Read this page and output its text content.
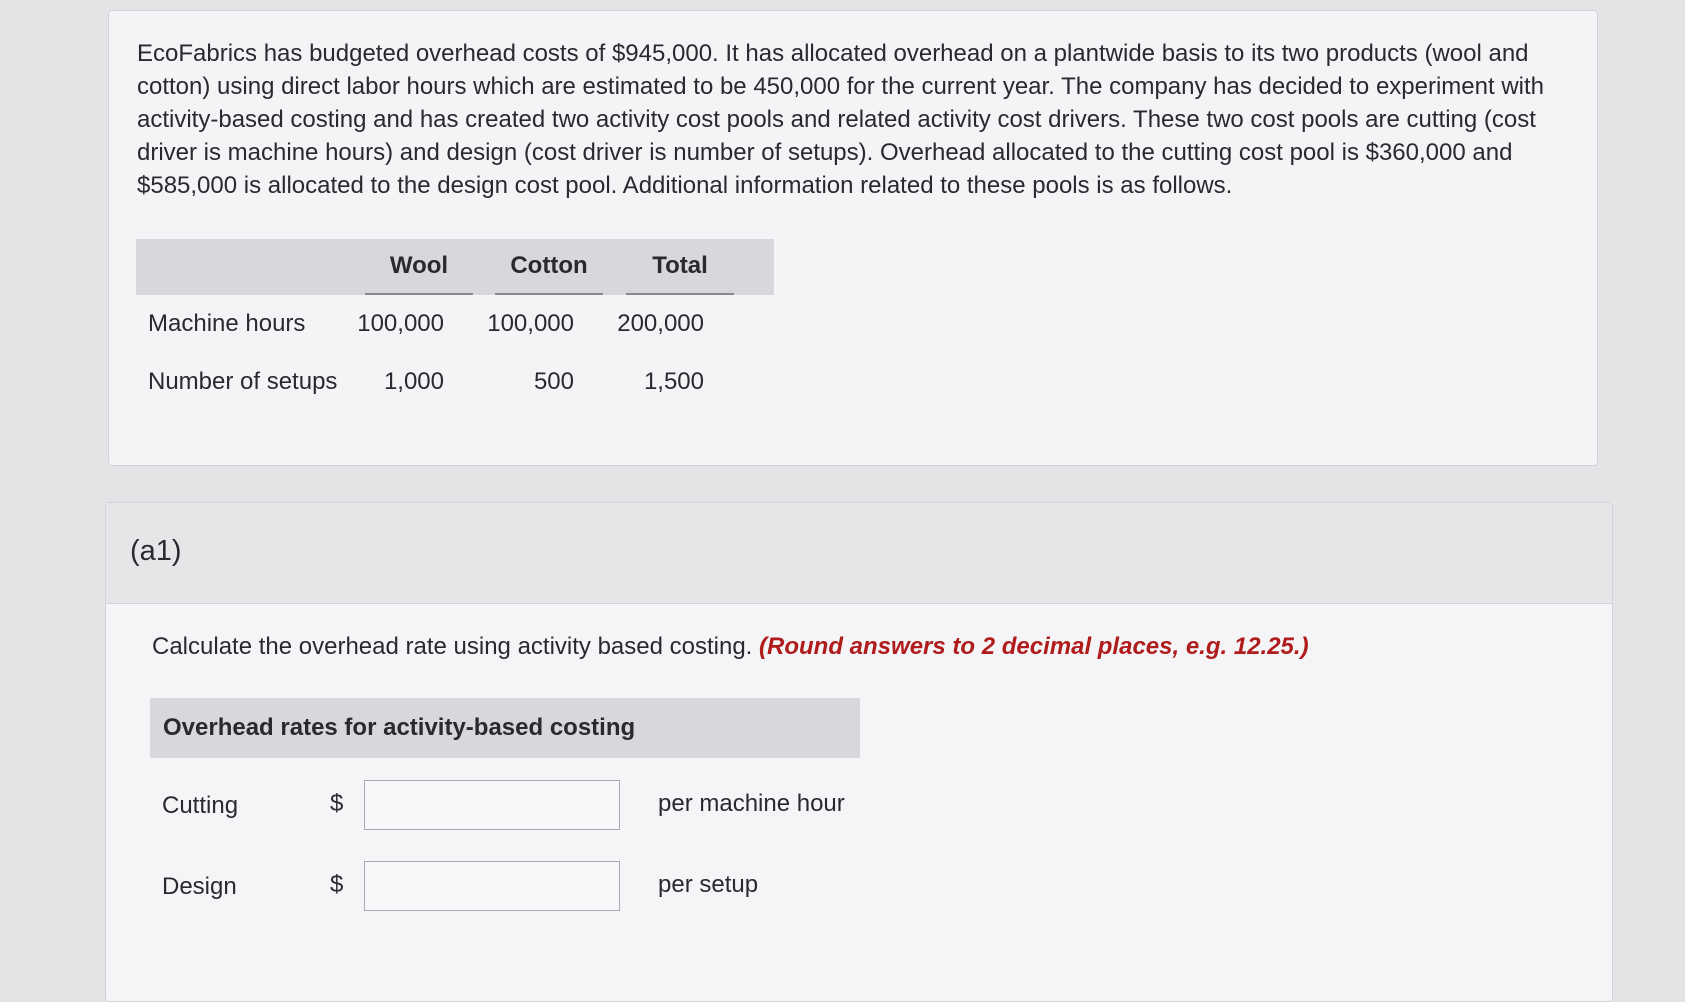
EcoFabrics has budgeted overhead costs of $945,000. It has allocated overhead on a plantwide basis to its two products (wool and cotton) using direct labor hours which are estimated to be 450,000 for the current year. The company has decided to experiment with activity-based costing and has created two activity cost pools and related activity cost drivers. These two cost pools are cutting (cost driver is machine hours) and design (cost driver is number of setups). Overhead allocated to the cutting cost pool is $360,000 and $585,000 is allocated to the design cost pool. Additional information related to these pools is as follows.

Wool	Cotton	Total
Machine hours 100,000 100,000 200,000
Number of setups 1,000	500	1,500
(a1)
Calculate the overhead rate using activity based costing. (Round answers to 2 decimal places, e.g. 12.25.)
Overhead rates for activity-based costing
Cutting	$	per machine hour
Design	$	per setup
